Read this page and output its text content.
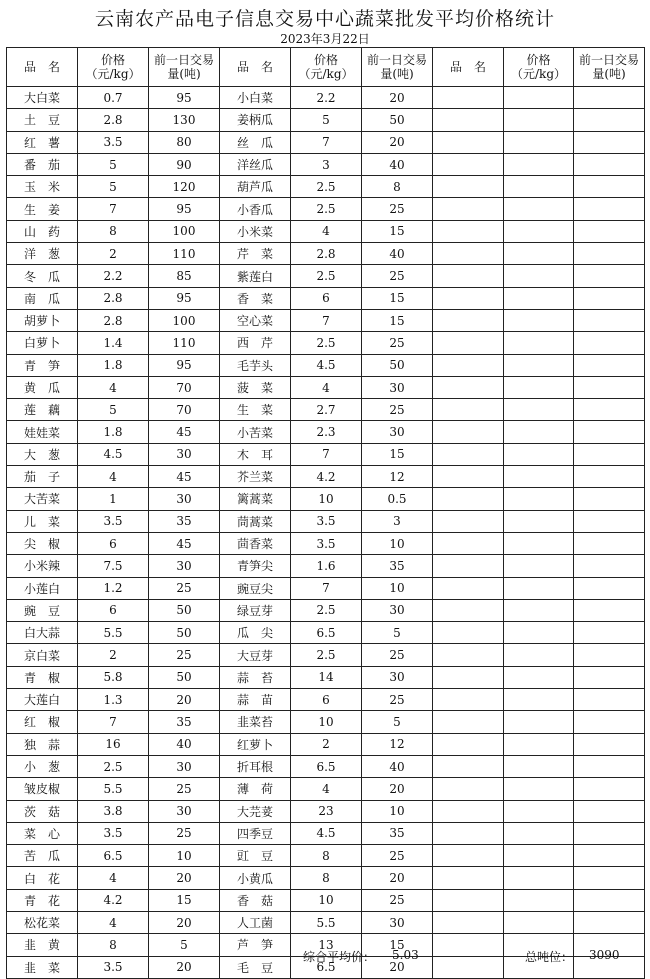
云南农产品电子信息交易中心蔬菜批发平均价格统计
2023年3月22日
品　名	价格（元/kg）	前一日交易量(吨)	品　名	价格（元/kg）	前一日交易量(吨)	品　名	价格（元/kg）	前一日交易量(吨)
大白菜	0.7	95	小白菜	2.2	20			
土　豆	2.8	130	姜柄瓜	5	50			
红　薯	3.5	80	丝　瓜	7	20			
番　茄	5	90	洋丝瓜	3	40			
玉　米	5	120	葫芦瓜	2.5	8			
生　姜	7	95	小香瓜	2.5	25			
山　药	8	100	小米菜	4	15			
洋　葱	2	110	芹　菜	2.8	40			
冬　瓜	2.2	85	紫莲白	2.5	25			
南　瓜	2.8	95	香　菜	6	15			
胡萝卜	2.8	100	空心菜	7	15			
白萝卜	1.4	110	西　芹	2.5	25			
青　笋	1.8	95	毛芋头	4.5	50			
黄　瓜	4	70	菠　菜	4	30			
莲　藕	5	70	生　菜	2.7	25			
娃娃菜	1.8	45	小苦菜	2.3	30			
大　葱	4.5	30	木　耳	7	15			
茄　子	4	45	芥兰菜	4.2	12			
大苦菜	1	30	篱蒿菜	10	0.5			
儿　菜	3.5	35	茼蒿菜	3.5	3			
尖　椒	6	45	茴香菜	3.5	10			
小米辣	7.5	30	青笋尖	1.6	35			
小莲白	1.2	25	豌豆尖	7	10			
豌　豆	6	50	绿豆芽	2.5	30			
白大蒜	5.5	50	瓜　尖	6.5	5			
京白菜	2	25	大豆芽	2.5	25			
青　椒	5.8	50	蒜　苔	14	30			
大莲白	1.3	20	蒜　苗	6	25			
红　椒	7	35	韭菜苔	10	5			
独　蒜	16	40	红萝卜	2	12			
小　葱	2.5	30	折耳根	6.5	40			
皱皮椒	5.5	25	薄　荷	4	20			
茨　菇	3.8	30	大芫荽	23	10			
菜　心	3.5	25	四季豆	4.5	35			
苦　瓜	6.5	10	豇　豆	8	25			
白　花	4	20	小黄瓜	8	20			
青　花	4.2	15	香　菇	10	25			
松花菜	4	20	人工菌	5.5	30			
韭　黄	8	5	芦　笋	13	15			
韭　菜	3.5	20	毛　豆	6.5	20			
综合平均价： 5.03	总吨位： 3090
